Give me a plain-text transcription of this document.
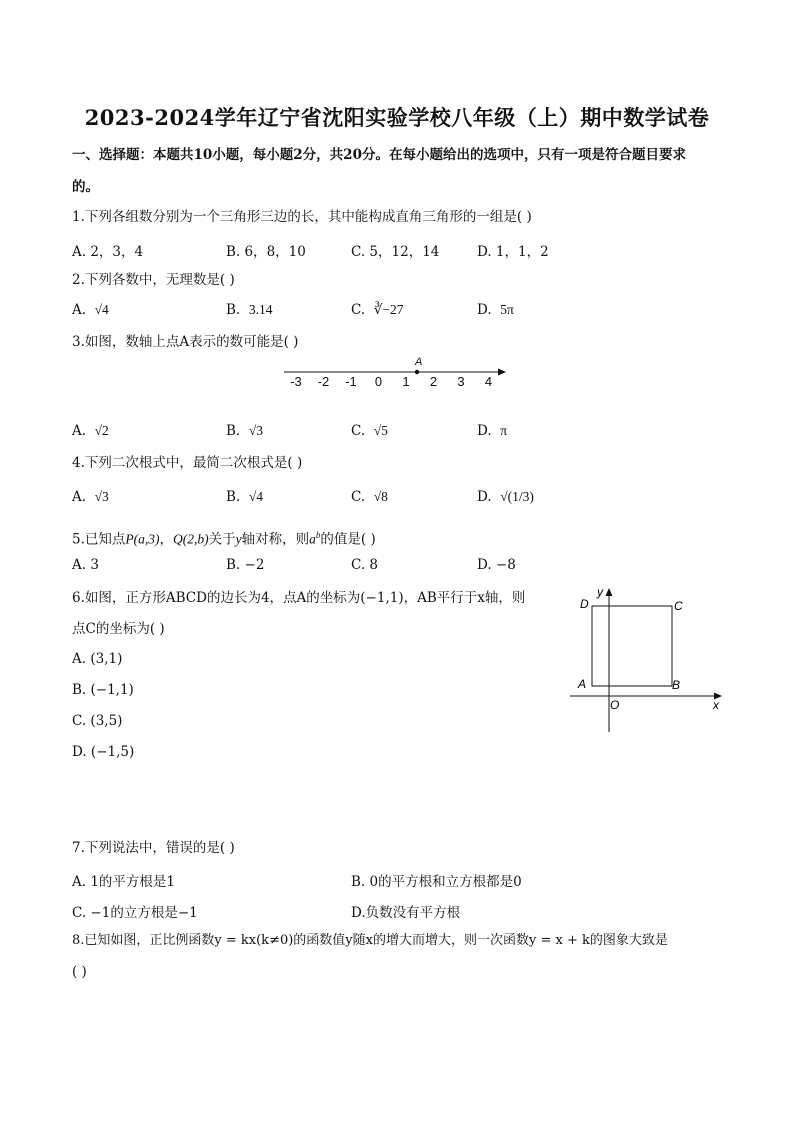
2023-2024学年辽宁省沈阳实验学校八年级（上）期中数学试卷
一、选择题：本题共10小题，每小题2分，共20分。在每小题给出的选项中，只有一项是符合题目要求
的。
1.下列各组数分别为一个三角形三边的长，其中能构成直角三角形的一组是( )
A. 2，3，4	B. 6，8，10	C. 5，12，14	D. 1，1，2
2.下列各数中，无理数是( )
A. √4	B. 3.14	C. ∛−27	D. 5π
3.如图，数轴上点A表示的数可能是( )
-3 -2 -1 0 1 2 3 4
A
A. √2	B. √3	C. √5	D. π
4.下列二次根式中，最简二次根式是( )
A. √3	B. √4	C. √8	D. √(1/3)
5.已知点P(a,3)，Q(2,b)关于y轴对称，则$a^b$的值是( )
A. 3	B. −2	C. 8	D. −8
6.如图，正方形ABCD的边长为4，点A的坐标为(−1,1)，AB平行于x轴，则
点C的坐标为( )
A. (3,1)
B. (−1,1)
C. (3,5)
D. (−1,5)
D	C
A	B
O	x
y
7.下列说法中，错误的是( )
A. 1的平方根是1	B. 0的平方根和立方根都是0
C. −1的立方根是−1	D.负数没有平方根
8.已知如图，正比例函数y = kx(k≠0)的函数值y随x的增大而增大，则一次函数y = x + k的图象大致是
( )
